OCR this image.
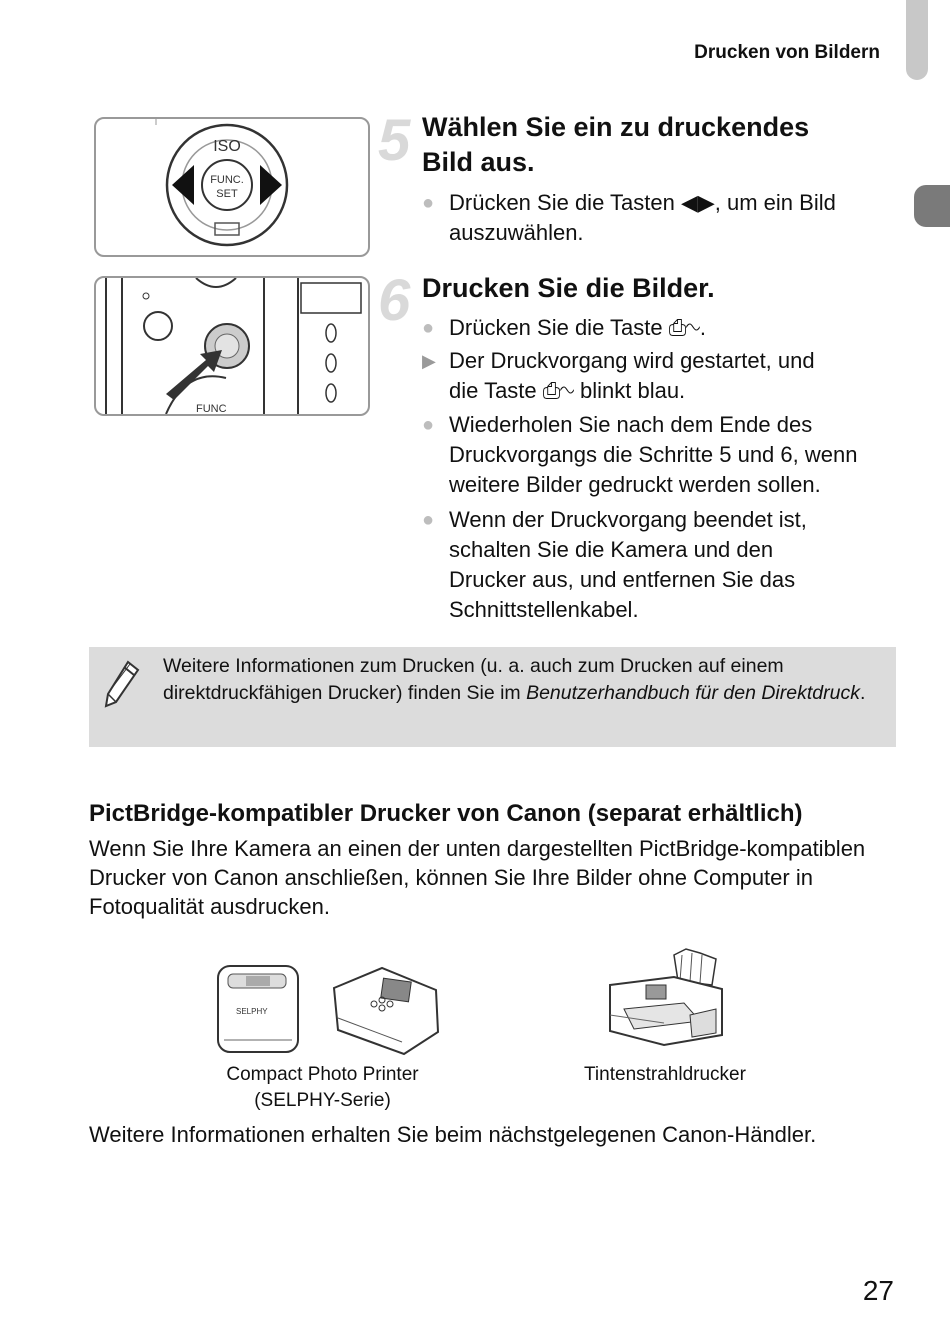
Drucken von Bildern
ISO
FUNC.
SET
5 Wählen Sie ein zu druckendes
Bild aus.
● Drücken Sie die Tasten ◀▶, um ein Bild auszuwählen.
FUNC
6 Drucken Sie die Bilder.
● Drücken Sie die Taste ⎙∿.
▶ Der Druckvorgang wird gestartet, und die Taste ⎙∿ blinkt blau.
● Wiederholen Sie nach dem Ende des Druckvorgangs die Schritte 5 und 6, wenn weitere Bilder gedruckt werden sollen.
● Wenn der Druckvorgang beendet ist, schalten Sie die Kamera und den Drucker aus, und entfernen Sie das Schnittstellenkabel.
Weitere Informationen zum Drucken (u. a. auch zum Drucken auf einem direktdruckfähigen Drucker) finden Sie im Benutzerhandbuch für den Direktdruck.
PictBridge-kompatibler Drucker von Canon (separat erhältlich)
Wenn Sie Ihre Kamera an einen der unten dargestellten PictBridge-kompatiblen Drucker von Canon anschließen, können Sie Ihre Bilder ohne Computer in Fotoqualität ausdrucken.
SELPHY
Compact Photo Printer
(SELPHY-Serie)
Tintenstrahldrucker
Weitere Informationen erhalten Sie beim nächstgelegenen Canon-Händler.
27
